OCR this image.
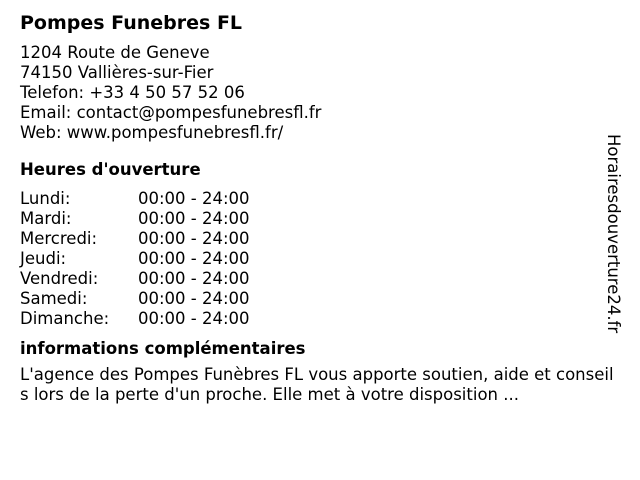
Pompes Funebres FL
1204 Route de Geneve
74150 Vallières-sur-Fier
Telefon: +33 4 50 57 52 06
Email: contact@pompesfunebresfl.fr
Web: www.pompesfunebresfl.fr/
Heures d'ouverture
Lundi:	00:00 - 24:00
Mardi:	00:00 - 24:00
Mercredi:	00:00 - 24:00
Jeudi:	00:00 - 24:00
Vendredi:	00:00 - 24:00
Samedi:	00:00 - 24:00
Dimanche:	00:00 - 24:00
informations complémentaires

L'agence des Pompes Funèbres FL vous apporte soutien, aide et conseils lors de la perte d'un proche. Elle met à votre disposition ...

Horairesdouverture24.fr
